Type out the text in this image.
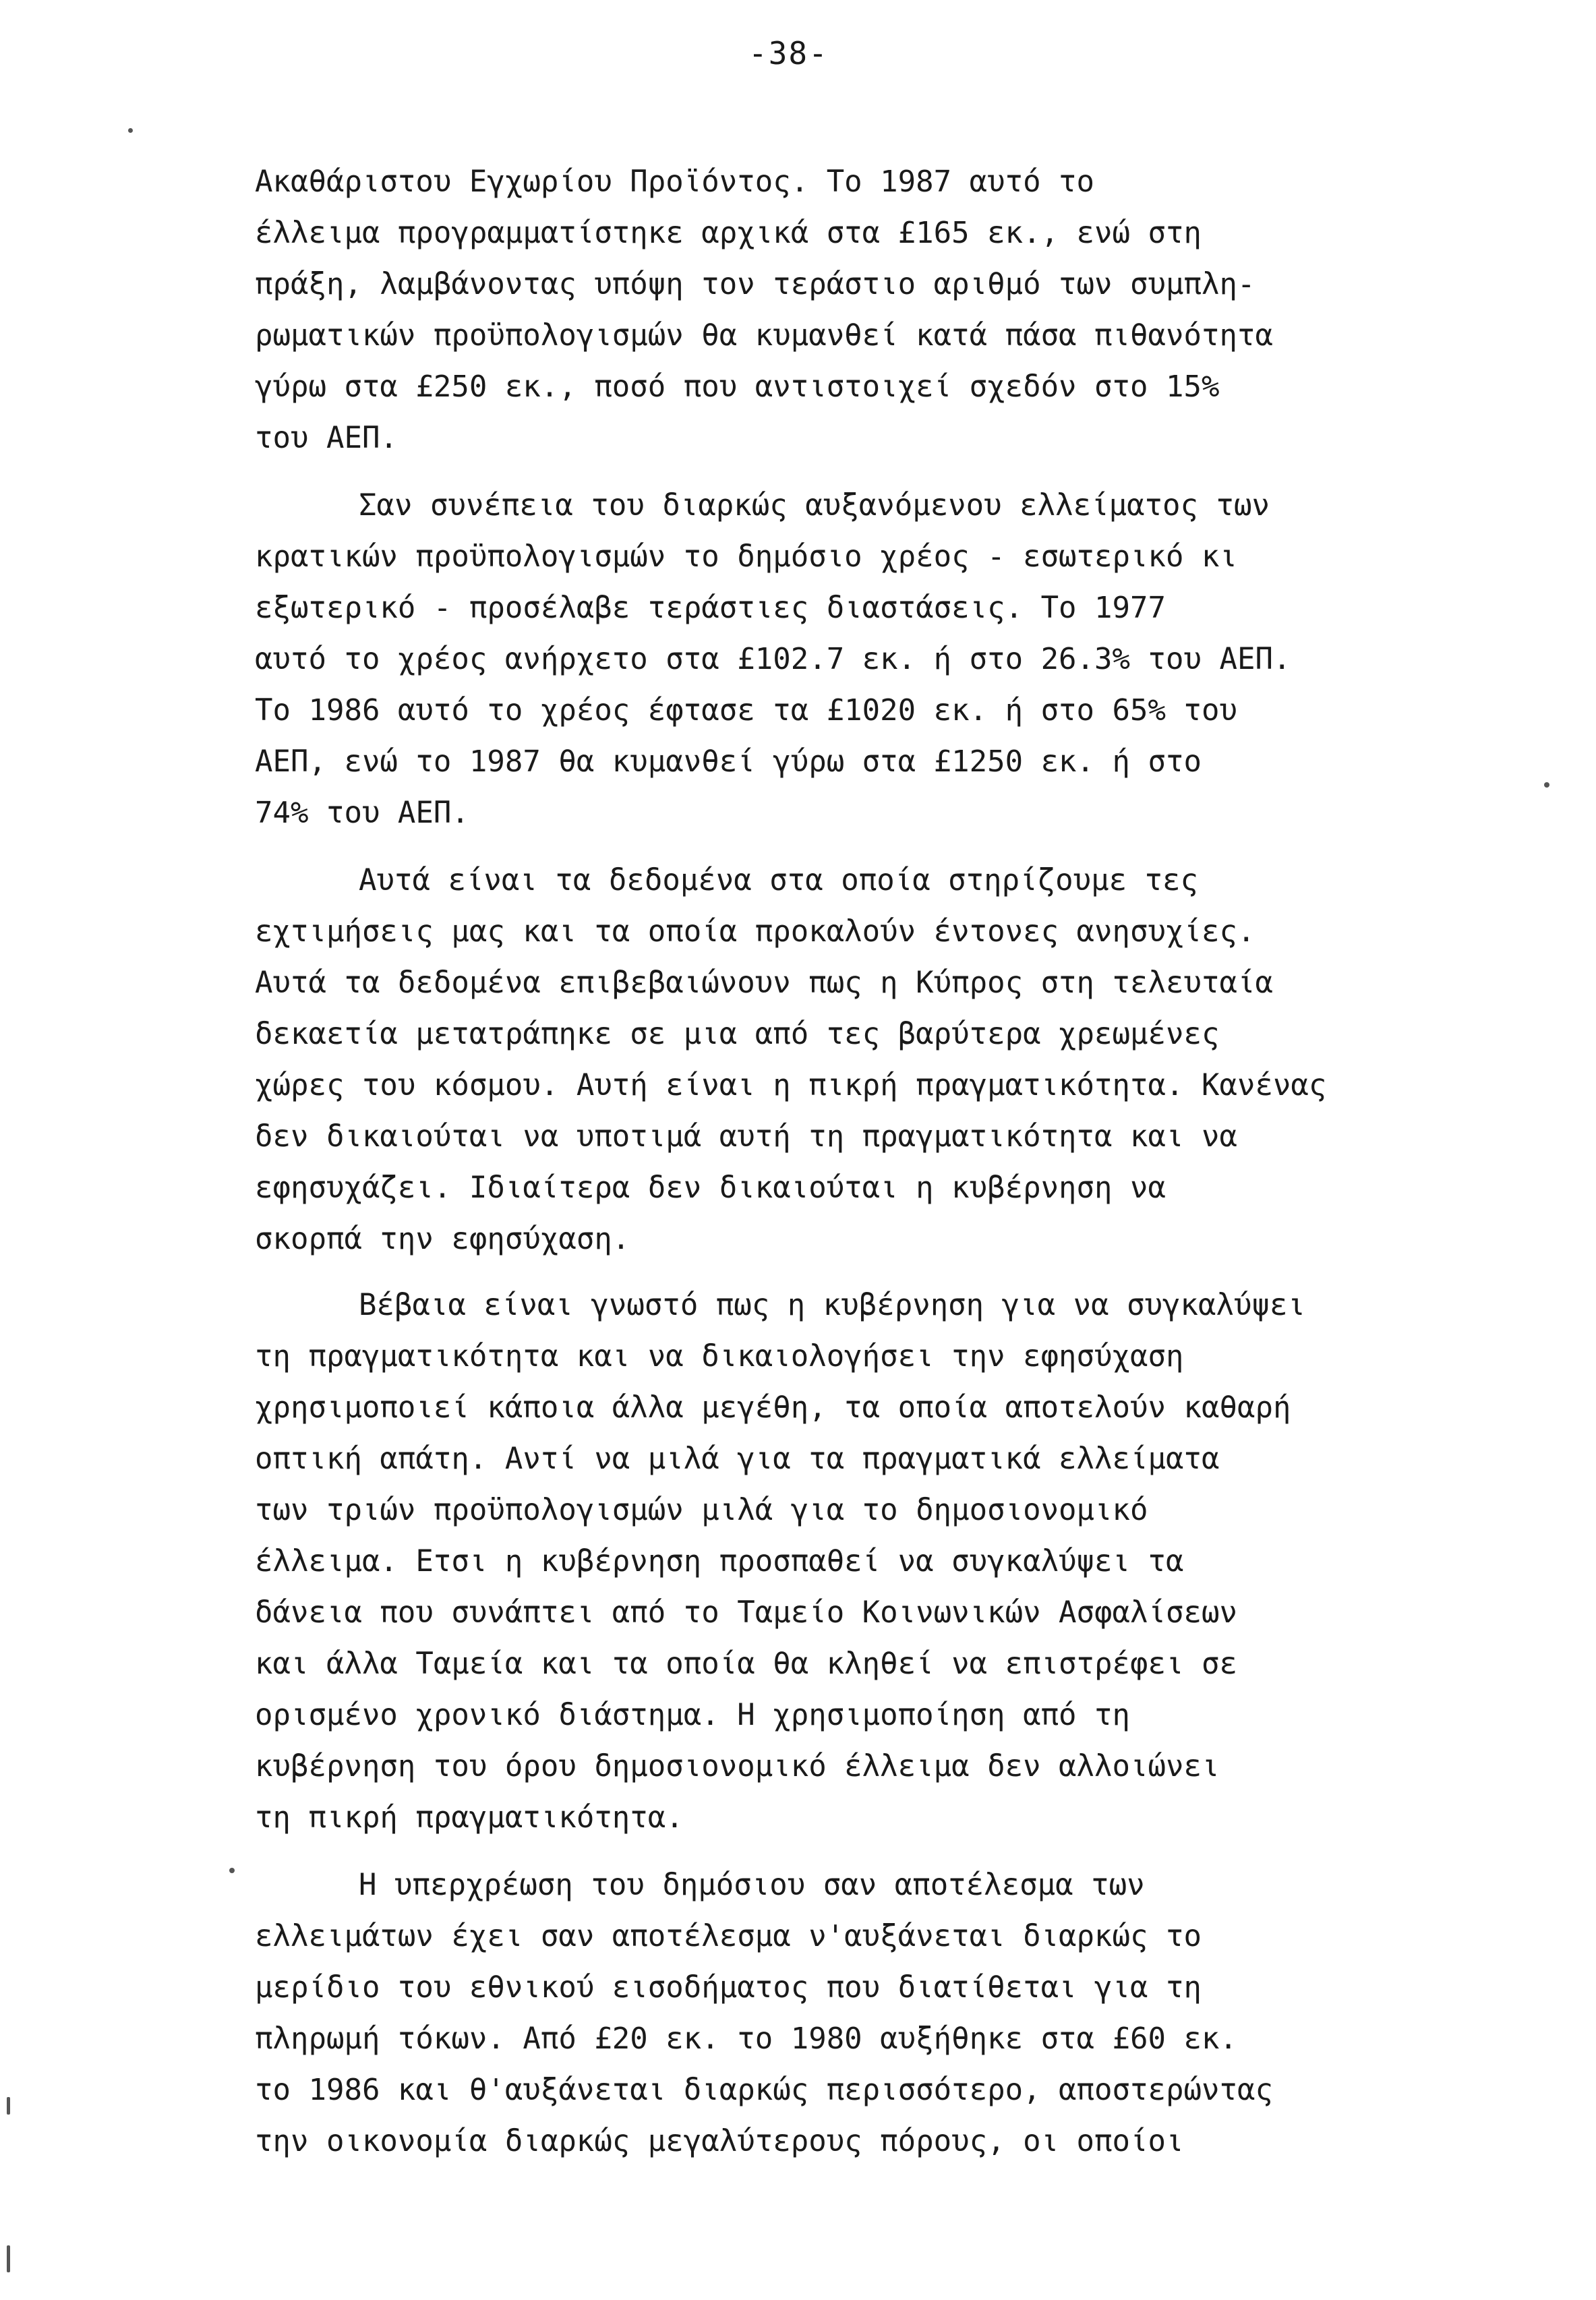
-38-
Ακαθάριστου Εγχωρίου Προϊόντος. Το 1987 αυτό το
έλλειμα προγραμματίστηκε αρχικά στα £165 εκ., ενώ στη
πράξη, λαμβάνοντας υπόψη τον τεράστιο αριθμό των συμπλη-
ρωματικών προϋπολογισμών θα κυμανθεί κατά πάσα πιθανότητα
γύρω στα £250 εκ., ποσό που αντιστοιχεί σχεδόν στο 15%
του ΑΕΠ.
Σαν συνέπεια του διαρκώς αυξανόμενου ελλείματος των
κρατικών προϋπολογισμών το δημόσιο χρέος - εσωτερικό κι
εξωτερικό - προσέλαβε τεράστιες διαστάσεις. Το 1977
αυτό το χρέος ανήρχετο στα £102.7 εκ. ή στο 26.3% του ΑΕΠ.
Το 1986 αυτό το χρέος έφτασε τα £1020 εκ. ή στο 65% του
ΑΕΠ, ενώ το 1987 θα κυμανθεί γύρω στα £1250 εκ. ή στο
74% του ΑΕΠ.
Αυτά είναι τα δεδομένα στα οποία στηρίζουμε τες
εχτιμήσεις μας και τα οποία προκαλούν έντονες ανησυχίες.
Αυτά τα δεδομένα επιβεβαιώνουν πως η Κύπρος στη τελευταία
δεκαετία μετατράπηκε σε μια από τες βαρύτερα χρεωμένες
χώρες του κόσμου. Αυτή είναι η πικρή πραγματικότητα. Κανένας
δεν δικαιούται να υποτιμά αυτή τη πραγματικότητα και να
εφησυχάζει. Ιδιαίτερα δεν δικαιούται η κυβέρνηση να
σκορπά την εφησύχαση.
Βέβαια είναι γνωστό πως η κυβέρνηση για να συγκαλύψει
τη πραγματικότητα και να δικαιολογήσει την εφησύχαση
χρησιμοποιεί κάποια άλλα μεγέθη, τα οποία αποτελούν καθαρή
οπτική απάτη. Αντί να μιλά για τα πραγματικά ελλείματα
των τριών προϋπολογισμών μιλά για το δημοσιονομικό
έλλειμα. Ετσι η κυβέρνηση προσπαθεί να συγκαλύψει τα
δάνεια που συνάπτει από το Ταμείο Κοινωνικών Ασφαλίσεων
και άλλα Ταμεία και τα οποία θα κληθεί να επιστρέφει σε
ορισμένο χρονικό διάστημα. Η χρησιμοποίηση από τη
κυβέρνηση του όρου δημοσιονομικό έλλειμα δεν αλλοιώνει
τη πικρή πραγματικότητα.
Η υπερχρέωση του δημόσιου σαν αποτέλεσμα των
ελλειμάτων έχει σαν αποτέλεσμα ν'αυξάνεται διαρκώς το
μερίδιο του εθνικού εισοδήματος που διατίθεται για τη
πληρωμή τόκων. Από £20 εκ. το 1980 αυξήθηκε στα £60 εκ.
το 1986 και θ'αυξάνεται διαρκώς περισσότερο, αποστερώντας
την οικονομία διαρκώς μεγαλύτερους πόρους, οι οποίοι
